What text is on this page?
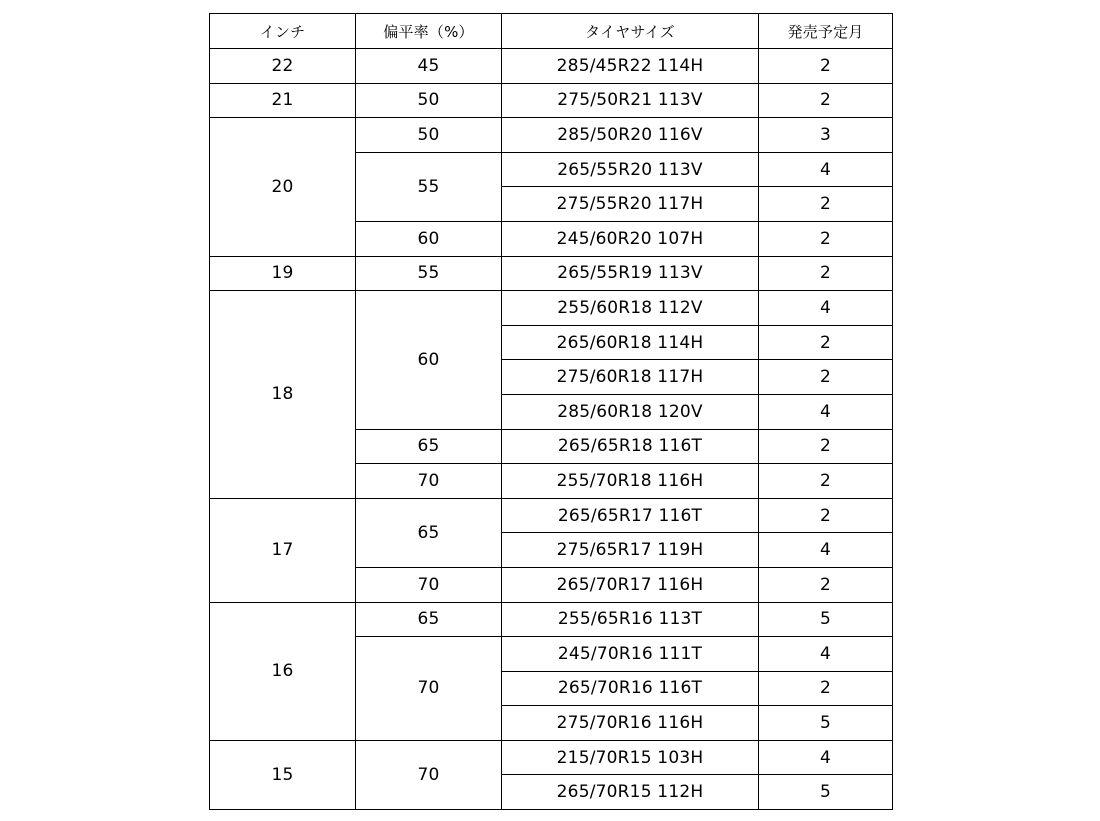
インチ	偏平率（%）	タイヤサイズ	発売予定月
22	45	285/45R22 114H	2
21	50	275/50R21 113V	2
20	50	285/50R20 116V	3
	55	265/55R20 113V	4
		275/55R20 117H	2
	60	245/60R20 107H	2
19	55	265/55R19 113V	2
18	60	255/60R18 112V	4
		265/60R18 114H	2
		275/60R18 117H	2
		285/60R18 120V	4
	65	265/65R18 116T	2
	70	255/70R18 116H	2
17	65	265/65R17 116T	2
		275/65R17 119H	4
	70	265/70R17 116H	2
16	65	255/65R16 113T	5
	70	245/70R16 111T	4
		265/70R16 116T	2
		275/70R16 116H	5
15	70	215/70R15 103H	4
		265/70R15 112H	5
